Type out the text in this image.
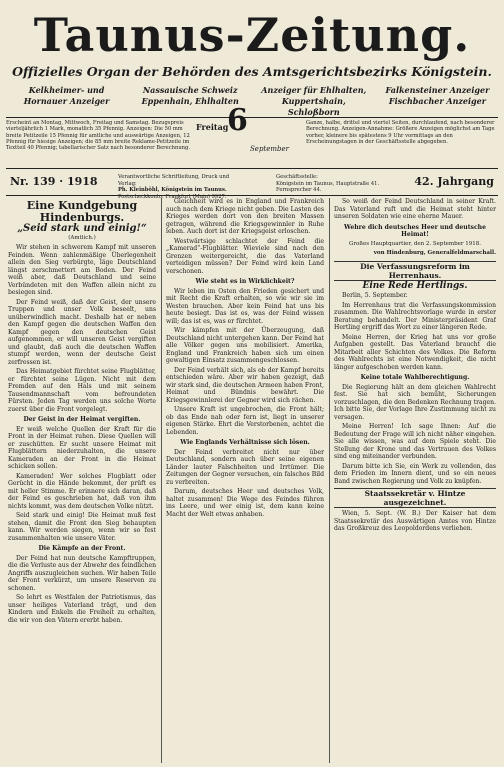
Taunus-Zeitung.
Offizielles Organ der Behörden des Amtsgerichtsbezirks Königstein.
Kelkheimer- und Hornauer Anzeiger
Nassauische Schweiz Eppenhain, Ehlhalten
Anzeiger für Ehlhalten, Kuppertshain, Schloßborn
Falkensteiner Anzeiger Fischbacher Anzeiger
Erscheint an Montag, Mittwoch, Freitag und Samstag. Bezugspreis vierteljährlich 1 Mark, monatlich 35 Pfennig. Anzeigen: Die 50 mm breite Petitzeile 15 Pfennig für amtliche und auswärtige Anzeigen, 12 Pfennig für hiesige Anzeigen; die 85 mm breite Reklame-Petitzeile im Textteil 40 Pfennig; tabellarischer Satz nach besonderer Berechnung.
Freitag
6
September
Ganze, halbe, drittel und viertel Seiten, durchlaufend, nach besonderer Berechnung. Anzeigen-Annahme: Größere Anzeigen möglichst am Tage vorher, kleinere bis spätestens 9 Uhr vormittags an den Erscheinungstagen in der Geschäftsstelle abgegeben.
Nr. 139 · 1918	Verantwortliche Schriftleitung, Druck und Verlag:
Ph. Kleinböhl, Königstein im Taunus.
Postscheckkonto: Frankfurt (Main) 9927.
Geschäftsstelle:
Königstein im Taunus, Hauptstraße 41.
Fernsprecher 44.
42. Jahrgang
Eine Kundgebung Hindenburgs.
„Seid stark und einig!“
(Amtlich.)

Wir stehen in schwerem Kampf mit unseren Feinden. Wenn zahlenmäßige Überlegenheit allein den Sieg verbürgte, läge Deutschland längst zerschmettert am Boden. Der Feind weiß aber, daß Deutschland und seine Verbündeten mit den Waffen allein nicht zu besiegen sind.

Der Feind weiß, daß der Geist, der unsere Truppen und unser Volk beseelt, uns unüberwindlich macht. Deshalb hat er neben den Kampf gegen die deutschen Waffen den Kampf gegen den deutschen Geist aufgenommen, er will unseren Geist vergiften und glaubt, daß auch die deutschen Waffen stumpf werden, wenn der deutsche Geist zerfressen ist.

Das Heimatgebiet fürchtet seine Flugblätter, er fürchtet seine Lügen. Nicht mit dem Fremden auf den Hals und mit seinem Tausendmannschaft vom befreundeten Fürsten. Jeden Tag werden uns solche Worte zuerst über die Front vorgelegt.

Der Geist in der Heimat vergiften.

Er weiß welche Quellen der Kraft für die Front in der Heimat ruhen. Diese Quellen will er zuschütten. Er sucht unsere Heimat mit Flugblättern niederzuhalten, die unsere Kameraden an der Front in die Heimat schicken sollen.

Kameraden! Wer solches Flugblatt oder Gerücht in die Hände bekommt, der prüft es mit heller Stimme. Er erinnere sich daran, daß der Feind es geschrieben hat, daß von ihm nichts kommt, was dem deutschen Volke nützt.

Seid stark und einig! Die Heimat muß fest stehen, damit die Front den Sieg behaupten kann. Wir werden siegen, wenn wir so fest zusammenhalten wie unsere Väter.

Die Kämpfe an der Front.

Der Feind hat nun deutsche Kampftruppen, die die Verluste aus der Abwehr des feindlichen Angriffs auszugleichen suchen. Wir haben Teile der Front verkürzt, um unsere Reserven zu schonen.

So lehrt es Westfalen der Patriotismus, das unser heiliges Vaterland trägt, und den Kindern und Enkeln die Freiheit zu erhalten, die wir von den Vätern ererbt haben.

Gleichheit wird es in England und Frankreich auch nach dem Kriege nicht geben. Die Lasten des Krieges werden dort von den breiten Massen getragen, während die Kriegsgewinnler in Ruhe leben. Auch dort ist der Kriegsgeist erloschen.

Westwärtsige schlachtet der Feind die „Kamerad“-Flugblätter. Wieviele sind nach den Grenzen weitergereicht, die das Vaterland verteidigen müssen? Der Feind wird kein Land verschonen.

Wie steht es in Wirklichkeit?

Wir leben im Osten den Frieden gesichert und mit Recht die Kraft erhalten, so wie wir sie im Westen brauchen. Aber kein Feind hat uns bis heute besiegt. Das ist es, was der Feind wissen will; das ist es, was er fürchtet.

Wir kämpfen mit der Überzeugung, daß Deutschland nicht untergehen kann. Der Feind hat alle Völker gegen uns mobilisiert. Amerika, England und Frankreich haben sich um einen gewaltigen Einsatz zusammengeschlossen.

Der Feind verhält sich, als ob der Kampf bereits entschieden wäre. Aber wir haben gezeigt, daß wir stark sind, die deutschen Armeen haben Front, Heimat und Bündnis bewährt. Die Kriegsgewinnlerei der Gegner wird sich rächen.

Unsere Kraft ist ungebrochen, die Front hält; ob das Ende nah oder fern ist, liegt in unserer eigenen Stärke. Ehrt die Verstorbenen, achtet die Lebenden.

Wie Englands Verhältnisse sich lösen.

Der Feind verbreitet nicht nur über Deutschland, sondern auch über seine eigenen Länder lauter Falschheiten und Irrtümer. Die Zeitungen der Gegner versuchen, ein falsches Bild zu verbreiten.

Darum, deutsches Heer und deutsches Volk, haltet zusammen! Die Wege des Feindes führen ins Leere, und wer einig ist, dem kann keine Macht der Welt etwas anhaben.

So weiß der Feind Deutschland in seiner Kraft. Das Vaterland ruft und die Heimat steht hinter unseren Soldaten wie eine eherne Mauer.

Wehre dich deutsches Heer und deutsche Heimat!
Großes Hauptquartier, den 2. September 1918.
von Hindenburg, Generalfeldmarschall.
Die Verfassungsreform im Herrenhaus.
Eine Rede Hertlings.

Berlin, 5. September.

Im Herrenhaus trat die Verfassungskommission zusammen. Die Wahlrechtsvorlage wurde in erster Beratung behandelt. Der Ministerpräsident Graf Hertling ergriff das Wort zu einer längeren Rede.

Meine Herren, der Krieg hat uns vor große Aufgaben gestellt. Das Vaterland braucht die Mitarbeit aller Schichten des Volkes. Die Reform des Wahlrechts ist eine Notwendigkeit, die nicht länger aufgeschoben werden kann.

Keine totale Wahlberechtigung.

Die Regierung hält an dem gleichen Wahlrecht fest. Sie hat sich bemüht, Sicherungen vorzuschlagen, die den Bedenken Rechnung tragen. Ich bitte Sie, der Vorlage Ihre Zustimmung nicht zu versagen.

Meine Herren! Ich sage Ihnen: Auf die Bedeutung der Frage will ich nicht näher eingehen. Sie alle wissen, was auf dem Spiele steht. Die Stellung der Krone und das Vertrauen des Volkes sind eng miteinander verbunden.

Darum bitte ich Sie, ein Werk zu vollenden, das dem Frieden im Innern dient, und so ein neues Band zwischen Regierung und Volk zu knüpfen.

Staatssekretär v. Hintze ausgezeichnet.

Wien, 5. Sept. (W. B.) Der Kaiser hat dem Staatssekretär des Auswärtigen Amtes von Hintze das Großkreuz des Leopoldordens verliehen.
